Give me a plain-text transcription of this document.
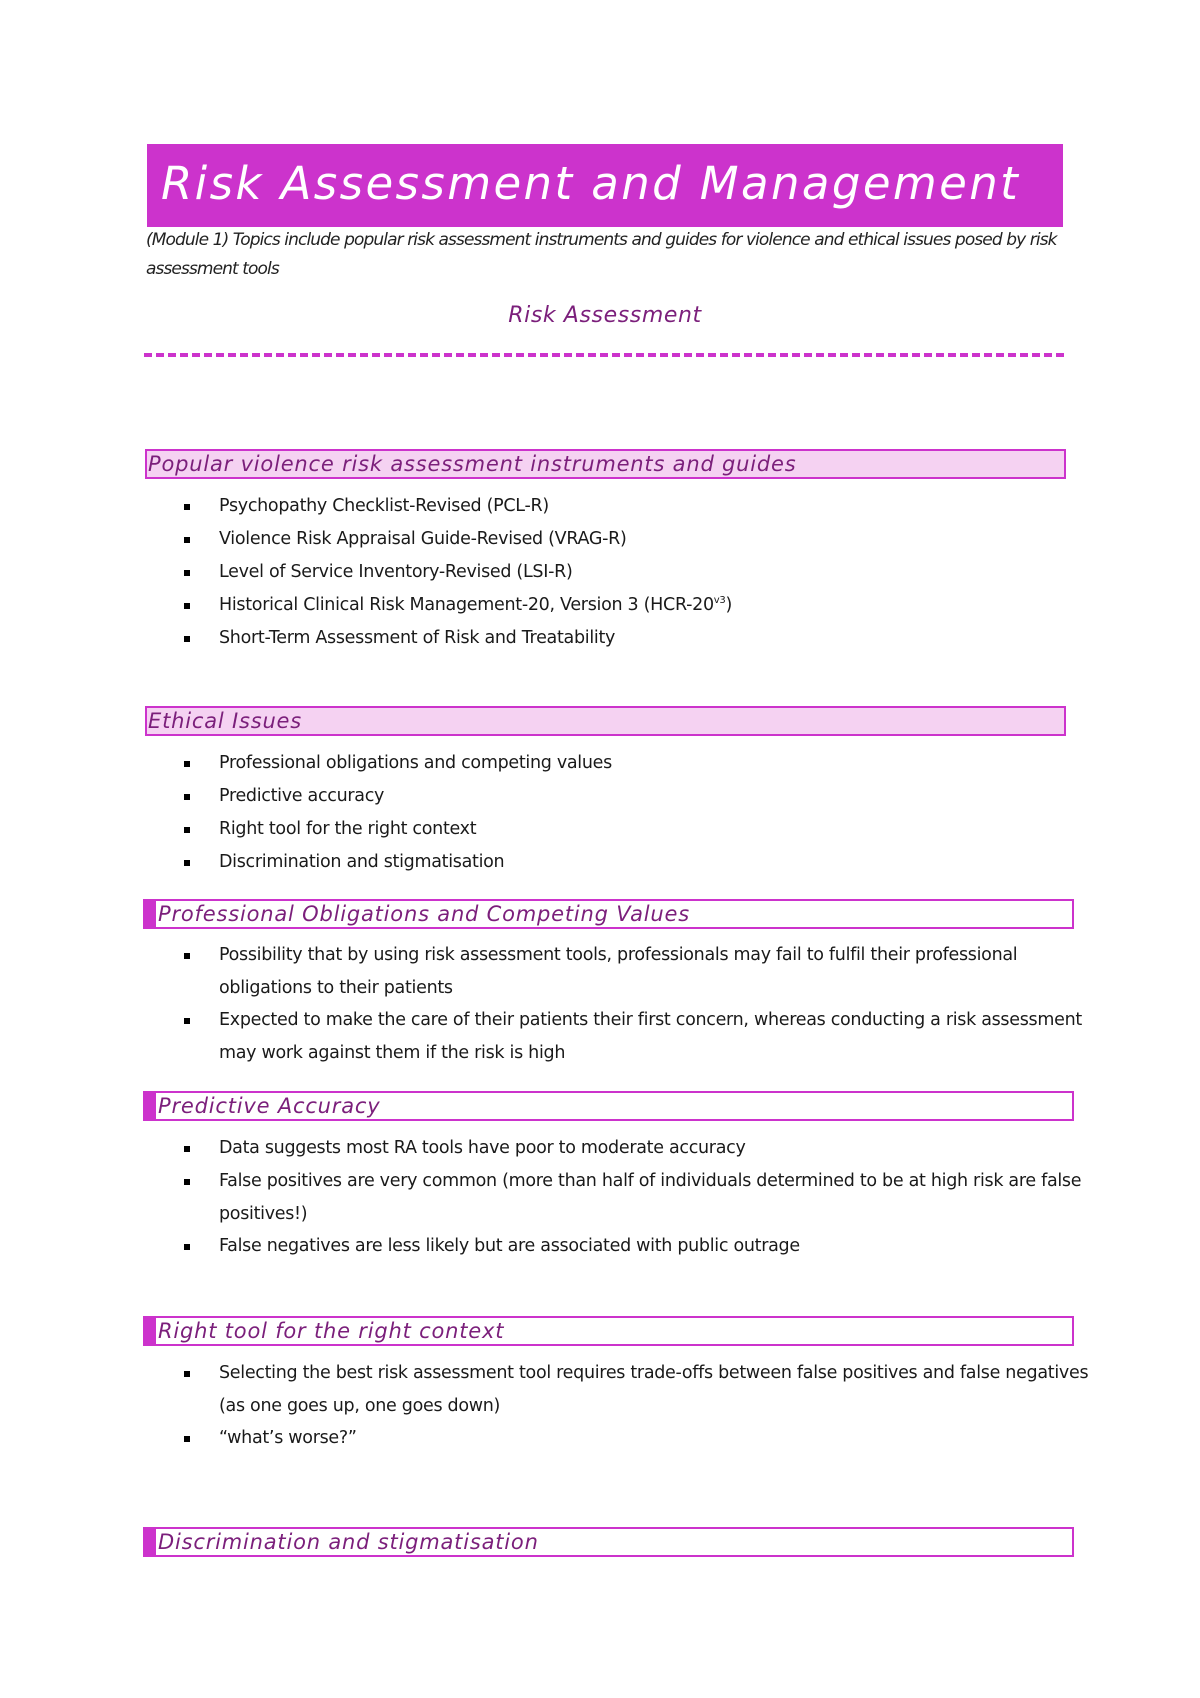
Risk Assessment and Management
(Module 1) Topics include popular risk assessment instruments and guides for violence and ethical issues posed by risk assessment tools
Risk Assessment
Popular violence risk assessment instruments and guides
Psychopathy Checklist-Revised (PCL-R)
Violence Risk Appraisal Guide-Revised (VRAG-R)
Level of Service Inventory-Revised (LSI-R)
Historical Clinical Risk Management-20, Version 3 $(HCR-20^{v3})$
Short-Term Assessment of Risk and Treatability
Ethical Issues
Professional obligations and competing values
Predictive accuracy
Right tool for the right context
Discrimination and stigmatisation
Professional Obligations and Competing Values
Possibility that by using risk assessment tools, professionals may fail to fulfil their professional obligations to their patients
Expected to make the care of their patients their first concern, whereas conducting a risk assessment may work against them if the risk is high
Predictive Accuracy
Data suggests most RA tools have poor to moderate accuracy
False positives are very common (more than half of individuals determined to be at high risk are false positives!)
False negatives are less likely but are associated with public outrage
Right tool for the right context
Selecting the best risk assessment tool requires trade-offs between false positives and false negatives (as one goes up, one goes down)
“what’s worse?”
Discrimination and stigmatisation
